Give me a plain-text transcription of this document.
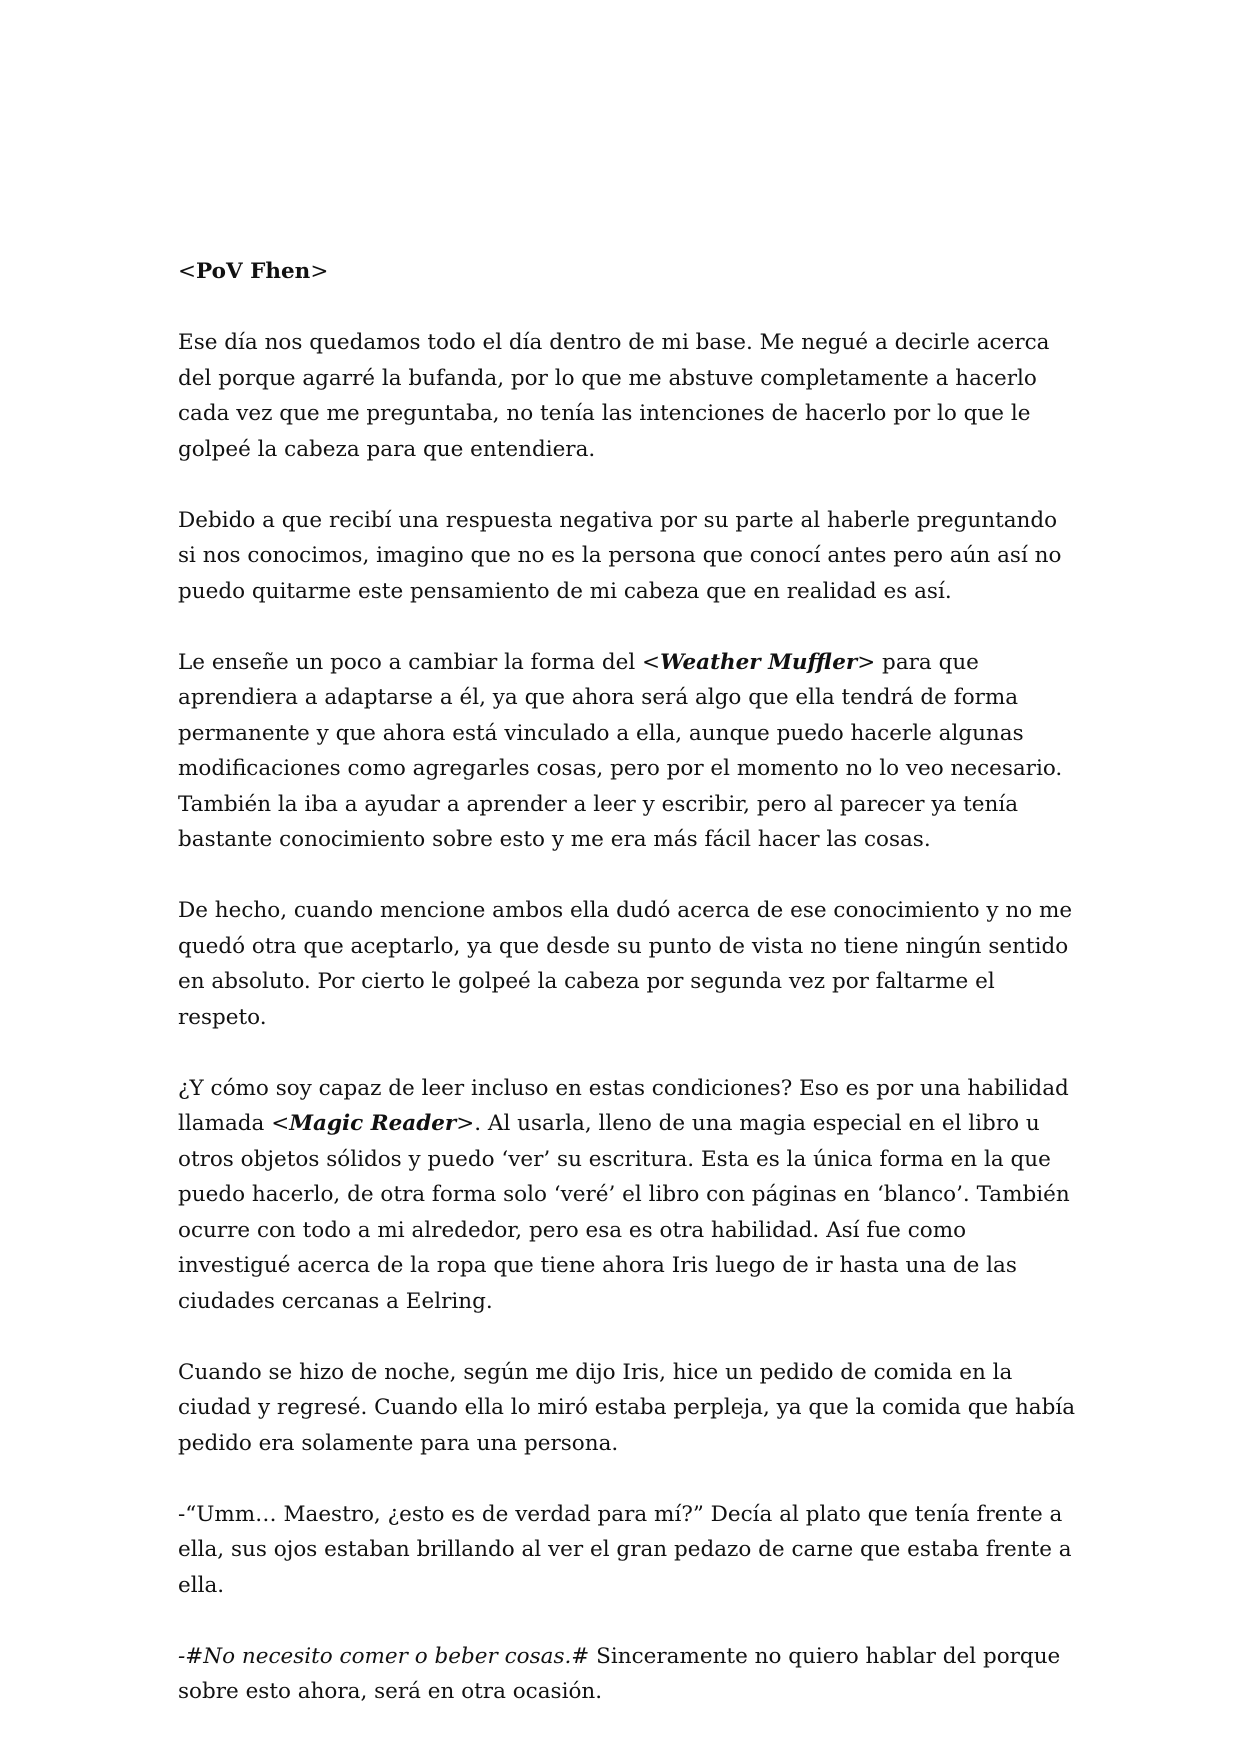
<PoV Fhen>

Ese día nos quedamos todo el día dentro de mi base. Me negué a decirle acerca del porque agarré la bufanda, por lo que me abstuve completamente a hacerlo cada vez que me preguntaba, no tenía las intenciones de hacerlo por lo que le golpeé la cabeza para que entendiera.

Debido a que recibí una respuesta negativa por su parte al haberle preguntando si nos conocimos, imagino que no es la persona que conocí antes pero aún así no puedo quitarme este pensamiento de mi cabeza que en realidad es así.

Le enseñe un poco a cambiar la forma del <Weather Muffler> para que aprendiera a adaptarse a él, ya que ahora será algo que ella tendrá de forma permanente y que ahora está vinculado a ella, aunque puedo hacerle algunas modificaciones como agregarles cosas, pero por el momento no lo veo necesario. También la iba a ayudar a aprender a leer y escribir, pero al parecer ya tenía bastante conocimiento sobre esto y me era más fácil hacer las cosas.

De hecho, cuando mencione ambos ella dudó acerca de ese conocimiento y no me quedó otra que aceptarlo, ya que desde su punto de vista no tiene ningún sentido en absoluto. Por cierto le golpeé la cabeza por segunda vez por faltarme el respeto.

¿Y cómo soy capaz de leer incluso en estas condiciones? Eso es por una habilidad llamada <Magic Reader>. Al usarla, lleno de una magia especial en el libro u otros objetos sólidos y puedo ‘ver’ su escritura. Esta es la única forma en la que puedo hacerlo, de otra forma solo ‘veré’ el libro con páginas en ‘blanco’. También ocurre con todo a mi alrededor, pero esa es otra habilidad. Así fue como investigué acerca de la ropa que tiene ahora Iris luego de ir hasta una de las ciudades cercanas a Eelring.

Cuando se hizo de noche, según me dijo Iris, hice un pedido de comida en la ciudad y regresé. Cuando ella lo miró estaba perpleja, ya que la comida que había pedido era solamente para una persona.

-“Umm… Maestro, ¿esto es de verdad para mí?” Decía al plato que tenía frente a ella, sus ojos estaban brillando al ver el gran pedazo de carne que estaba frente a ella.

-#No necesito comer o beber cosas.# Sinceramente no quiero hablar del porque sobre esto ahora, será en otra ocasión.
